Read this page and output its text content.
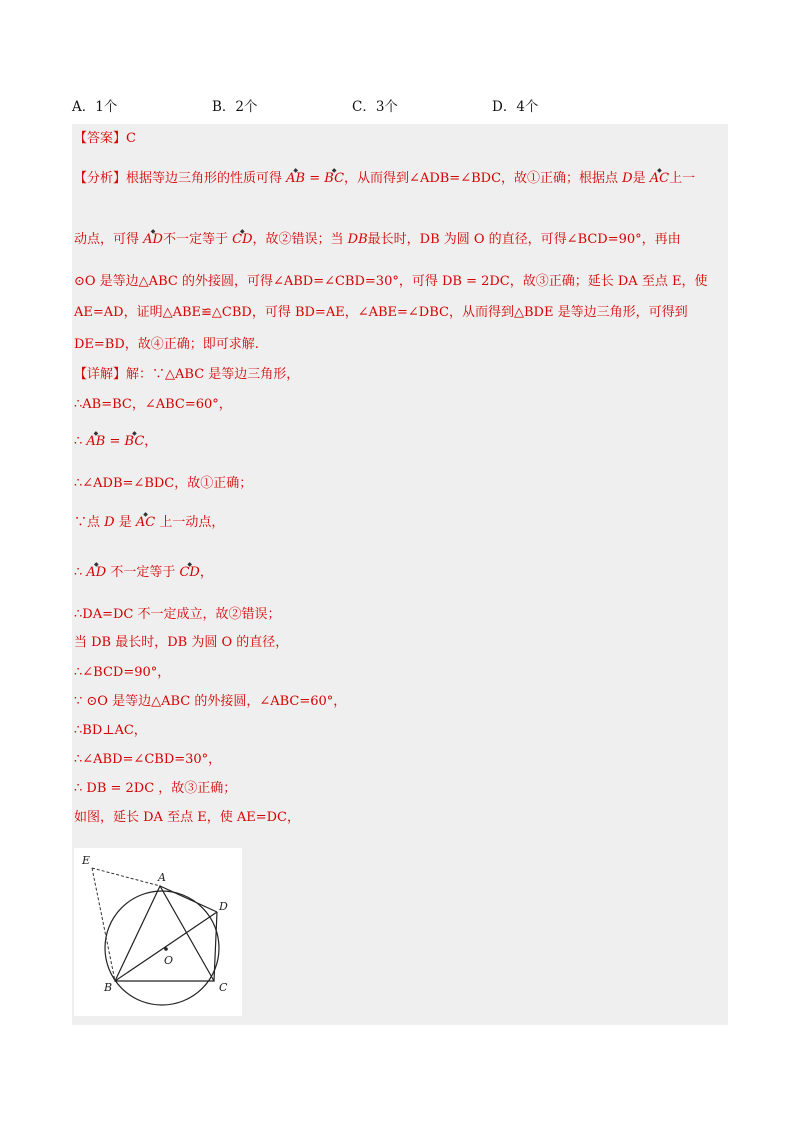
A．1个	B．2个	C．3个	D．4个
【答案】C
【分析】根据等边三角形的性质可得 ◆ AB = ◆ BC，从而得到∠ADB=∠BDC，故①正确；根据点 D是 ◆ AC上一
动点，可得 ◆ AD不一定等于 ◆ CD，故②错误；当 DB最长时，DB 为圆 O 的直径，可得∠BCD=90°，再由
⊙O 是等边△ABC 的外接圆，可得∠ABD=∠CBD=30°，可得 DB = 2DC，故③正确；延长 DA 至点 E，使
AE=AD，证明△ABE≌△CBD，可得 BD=AE，∠ABE=∠DBC，从而得到△BDE 是等边三角形，可得到
DE=BD，故④正确；即可求解.
【详解】解：∵△ABC 是等边三角形，
∴AB=BC，∠ABC=60°，
∴ ◆ AB = ◆ BC，
∴∠ADB=∠BDC，故①正确；
∵点 D 是 ◆ AC 上一动点，
∴ ◆ AD 不一定等于 ◆ CD，
∴DA=DC 不一定成立，故②错误；
当 DB 最长时，DB 为圆 O 的直径，
∴∠BCD=90°，
∵ ⊙O 是等边△ABC 的外接圆，∠ABC=60°，
∴BD⊥AC，
∴∠ABD=∠CBD=30°，
∴ DB = 2DC ，故③正确；
如图，延长 DA 至点 E，使 AE=DC，
E
A
D
B	C
O
